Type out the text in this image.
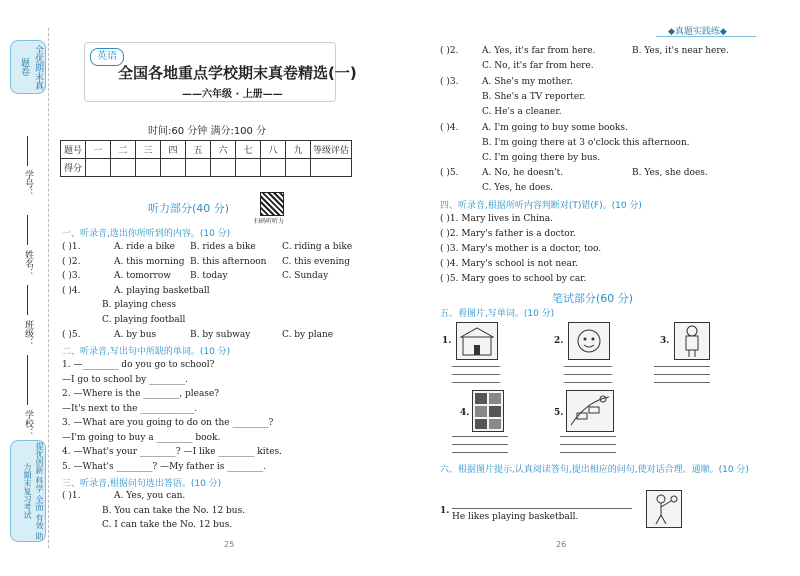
全优期末真题卷
学号：
姓名：
班级：
学校：
提优创新 科学 全面 有效 助力期末复习考试
英语
全国各地重点学校期末真卷精选(一)
——六年级 · 上册——
时间:60 分钟 满分:100 分
题号	一	二	三	四	五	六	七	八	九	等级评估
得分										
听力部分(40 分)
扫码听听力
一、听录音,选出你所听到的内容。(10 分)
( )1.	A. ride a bike B. rides a bike	C. riding a bike
( )2.	A. this morning B. this afternoon C. this evening
( )3.	A. tomorrow B. today	C. Sunday
( )4.	A. playing basketball
B. playing chess
C. playing football
( )5.	A. by bus	B. by subway	C. by plane
二、听录音,写出句中所缺的单词。(10 分)
1. —________ do you go to school?
—I go to school by ________.
2. —Where is the ________, please?
—It's next to the ____________.
3. —What are you going to do on the ________?
—I'm going to buy a ________ book.
4. —What's your ________? —I like ________ kites.
5. —What's ________? —My father is ________.
三、听录音,根据问句选出答语。(10 分)
( )1.	A. Yes, you can.
B. You can take the No. 12 bus.
C. I can take the No. 12 bus.
25
◆真题实践练◆
( )2.	A. Yes, it's far from here.	B. Yes, it's near here.
C. No, it's far from here.
( )3.	A. She's my mother.
B. She's a TV reporter.
C. He's a cleaner.
( )4.	A. I'm going to buy some books.
B. I'm going there at 3 o'clock this afternoon.
C. I'm going there by bus.
( )5.	A. No, he doesn't.	B. Yes, she does.
C. Yes, he does.
四、听录音,根据所听内容判断对(T)错(F)。(10 分)
( )1. Mary lives in China.
( )2. Mary's father is a doctor.
( )3. Mary's mother is a doctor, too.
( )4. Mary's school is not near.
( )5. Mary goes to school by car.
笔试部分(60 分)
五、看图片,写单词。(10 分)
1.	2.	3.
4.	5.
六、根据图片提示,认真阅读答句,提出相应的问句,使对话合理、通顺。(10 分)
1.
He likes playing basketball.
26
